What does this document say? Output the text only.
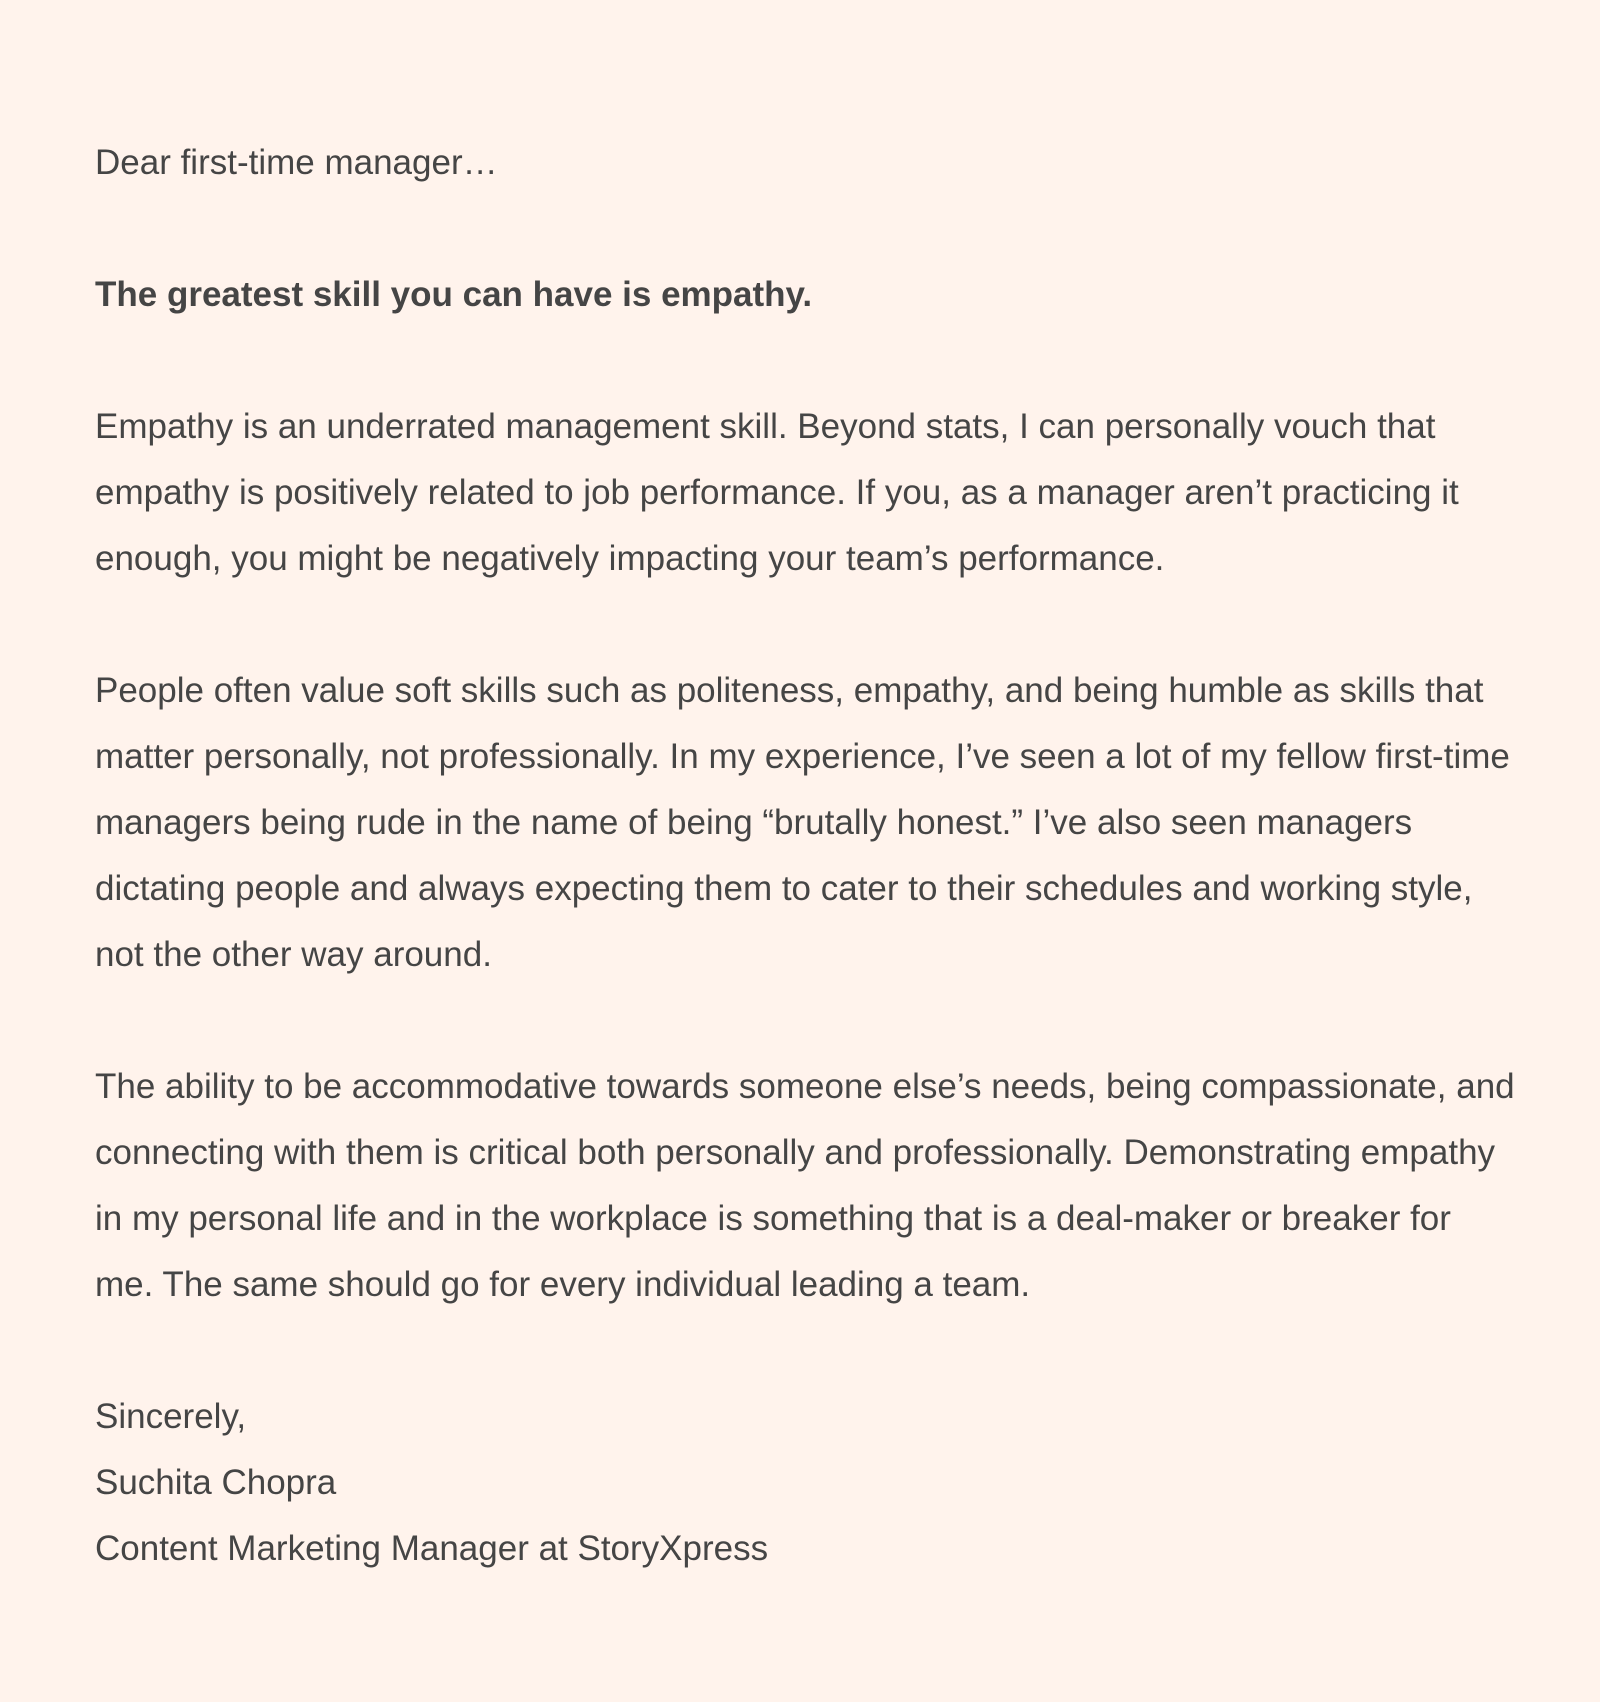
Dear first-time manager…

The greatest skill you can have is empathy.

Empathy is an underrated management skill. Beyond stats, I can personally vouch that empathy is positively related to job performance. If you, as a manager aren’t practicing it enough, you might be negatively impacting your team’s performance.

People often value soft skills such as politeness, empathy, and being humble as skills that matter personally, not professionally. In my experience, I’ve seen a lot of my fellow first-time managers being rude in the name of being “brutally honest.” I’ve also seen managers dictating people and always expecting them to cater to their schedules and working style, not the other way around.

The ability to be accommodative towards someone else’s needs, being compassionate, and connecting with them is critical both personally and professionally. Demonstrating empathy in my personal life and in the workplace is something that is a deal-maker or breaker for me. The same should go for every individual leading a team.

Sincerely,

Suchita Chopra

Content Marketing Manager at StoryXpress
